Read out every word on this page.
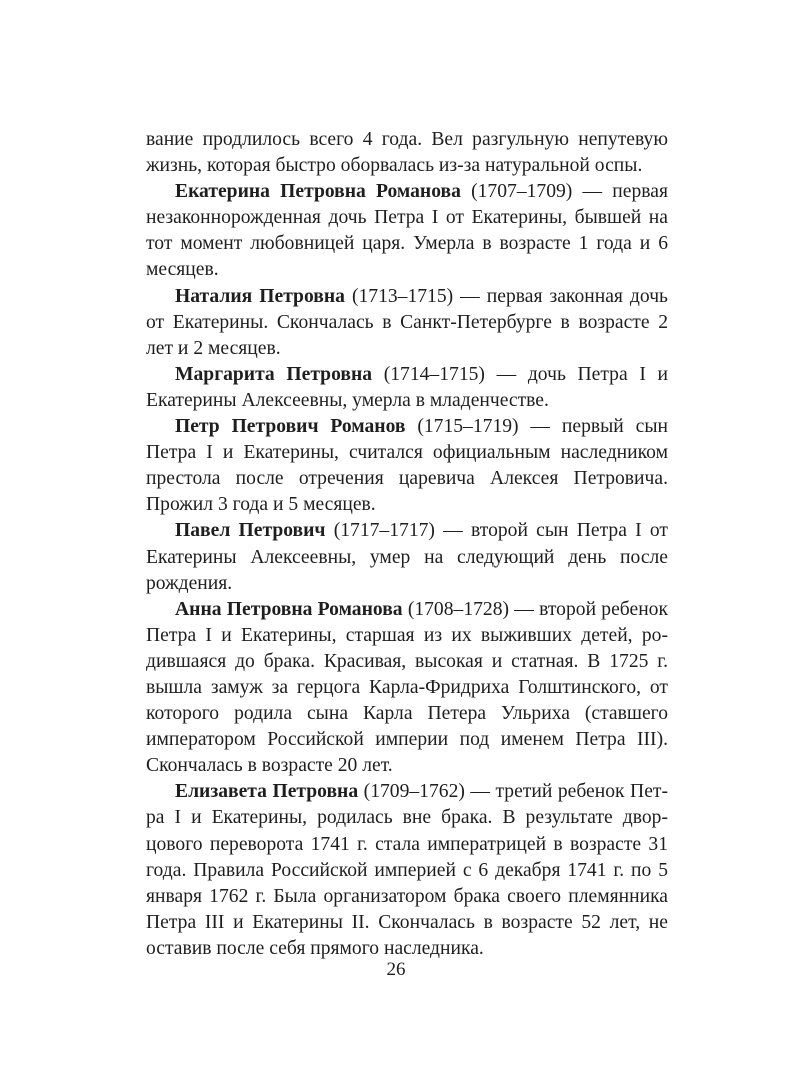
вание продлилось всего 4 года. Вел разгульную непутевую жизнь, которая быстро оборвалась из-за натуральной оспы.

Екатерина Петровна Романова (1707–1709) — первая незаконнорожденная дочь Петра I от Екатерины, бывшей на тот момент любовницей царя. Умерла в возрасте 1 года и 6 месяцев.

Наталия Петровна (1713–1715) — первая законная дочь от Екатерины. Скончалась в Санкт-Петербурге в возрасте 2 лет и 2 месяцев.

Маргарита Петровна (1714–1715) — дочь Петра I и Екатерины Алексеевны, умерла в младенчестве.

Петр Петрович Романов (1715–1719) — первый сын Петра I и Екатерины, считался официальным наследником престола после отречения царевича Алексея Петровича. Прожил 3 года и 5 месяцев.

Павел Петрович (1717–1717) — второй сын Петра I от Екатерины Алексеевны, умер на следующий день после рождения.

Анна Петровна Романова (1708–1728) — второй ребенок Петра I и Екатерины, старшая из их выживших детей, родившаяся до брака. Красивая, высокая и статная. В 1725 г. вышла замуж за герцога Карла-Фридриха Голштинского, от которого родила сына Карла Петера Ульриха (ставшего императором Российской империи под именем Петра III). Скончалась в возрасте 20 лет.

Елизавета Петровна (1709–1762) — третий ребенок Петра I и Екатерины, родилась вне брака. В результате дворцового переворота 1741 г. стала императрицей в возрасте 31 года. Правила Российской империей с 6 декабря 1741 г. по 5 января 1762 г. Была организатором брака своего племянника Петра III и Екатерины II. Скончалась в возрасте 52 лет, не оставив после себя прямого наследника.

26
